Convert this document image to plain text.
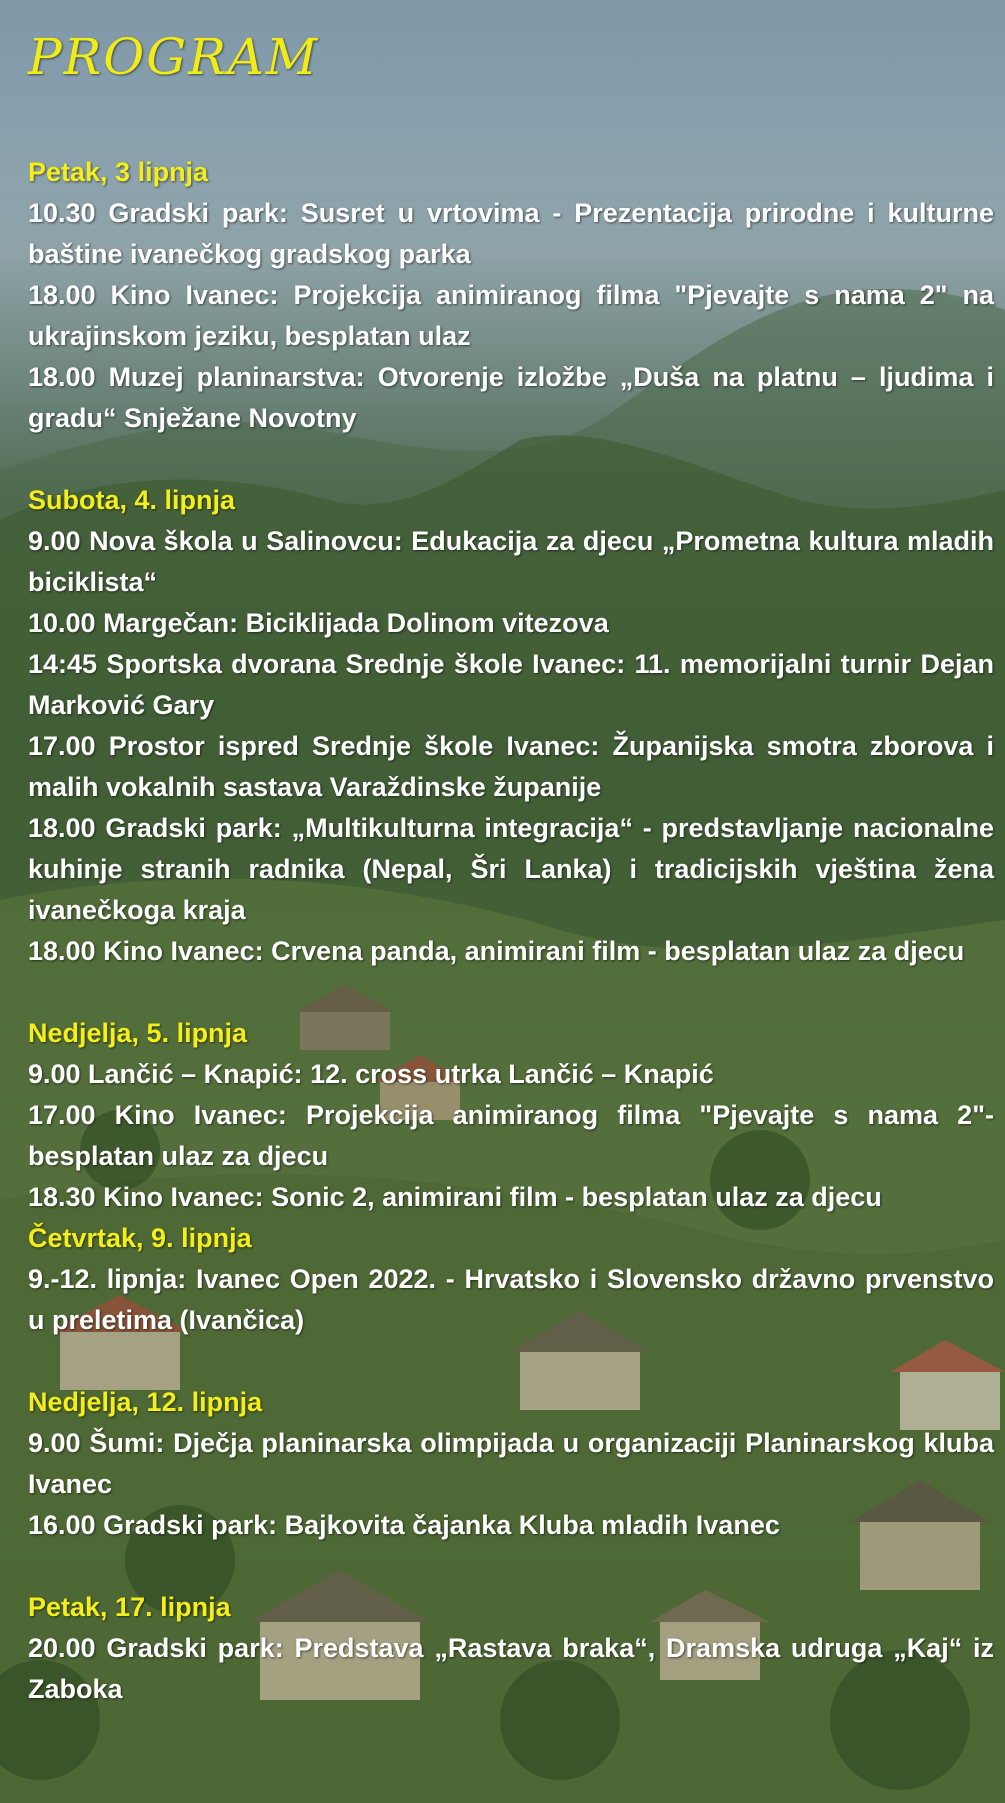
PROGRAM
Petak, 3 lipnja
10.30 Gradski park: Susret u vrtovima - Prezentacija prirodne i kulturne baštine ivanečkog gradskog parka
18.00 Kino Ivanec: Projekcija animiranog filma "Pjevajte s nama 2" na ukrajinskom jeziku, besplatan ulaz
18.00 Muzej planinarstva: Otvorenje izložbe „Duša na platnu – ljudima i gradu“ Snježane Novotny
Subota, 4. lipnja
9.00 Nova škola u Salinovcu: Edukacija za djecu „Prometna kultura mladih biciklista“
10.00 Margečan: Biciklijada Dolinom vitezova
14:45 Sportska dvorana Srednje škole Ivanec: 11. memorijalni turnir Dejan Marković Gary
17.00 Prostor ispred Srednje škole Ivanec: Županijska smotra zborova i malih vokalnih sastava Varaždinske županije
18.00 Gradski park: „Multikulturna integracija“ - predstavljanje nacionalne kuhinje stranih radnika (Nepal, Šri Lanka) i tradicijskih vještina žena ivanečkoga kraja
18.00 Kino Ivanec: Crvena panda, animirani film - besplatan ulaz za djecu
Nedjelja, 5. lipnja
9.00 Lančić – Knapić: 12. cross utrka Lančić – Knapić
17.00 Kino Ivanec: Projekcija animiranog filma "Pjevajte s nama 2"- besplatan ulaz za djecu
18.30 Kino Ivanec: Sonic 2, animirani film - besplatan ulaz za djecu
Četvrtak, 9. lipnja
9.-12. lipnja: Ivanec Open 2022. - Hrvatsko i Slovensko državno prvenstvo u preletima (Ivančica)
Nedjelja, 12. lipnja
9.00 Šumi: Dječja planinarska olimpijada u organizaciji Planinarskog kluba Ivanec
16.00 Gradski park: Bajkovita čajanka Kluba mladih Ivanec
Petak, 17. lipnja
20.00 Gradski park: Predstava „Rastava braka“, Dramska udruga „Kaj“ iz Zaboka
